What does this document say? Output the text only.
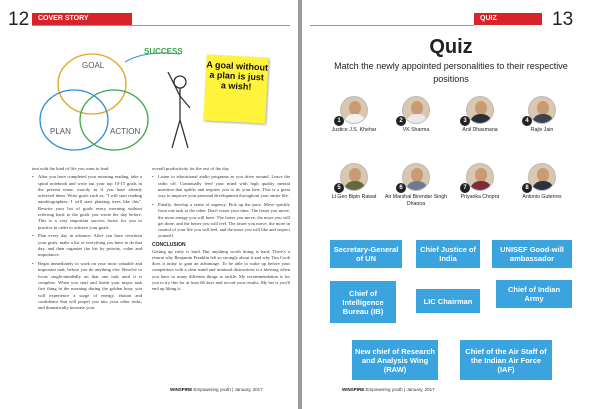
12	COVER STORY
GOAL
PLAN	ACTION
SUCCESS
A goal without a plan is just a wish!

tent with the kind of life you want to lead.

• After you have completed your morning reading, take a spiral notebook and write out your top 10-15 goals in the present tense, exactly as if you have already achieved them. Write goals such as, "I will start reading autobiographies; I will start planting trees like this". Rewrite your list of goals every morning without referring back to the goals you wrote the day before. This is a very important success factor for you to practice in order to achieve your goals.
• Plan every day in advance. After you have rewritten your goals, make a list of everything you have to do that day, and then organize the list by priority, value and importance.
• Begin immediately to work on your most valuable and important task, before you do anything else. Resolve to focus single-mindedly on that one task until it is complete. When you start and finish your major task first thing in the morning during the golden hour, you will experience a surge of energy, elation and confidence that will propel you into your other tasks, and dramatically increase your

overall productivity for the rest of the day.

• Listen to educational audio programs as you drive around. Leave the radio off. Continually feed your mind with high quality mental nutrition that uplifts and inspires you to do your best. This is a great way to improve your personal development throughout your entire life.
• Finally, develop a sense of urgency. Pick up the pace. Move quickly from one task to the other. Don't waste your time. The faster you move, the more energy you will have. The faster you move, the more you will get done, and the better you will feel. The faster you move, the more in control of your life you will feel, and the more you will like and respect yourself.
CONCLUSION

Getting up early is hard. But anything worth doing is hard. There's a reason why Benjamin Franklin felt so strongly about it and why Tim Cook does it today to gain an advantage. To be able to wake up before your competitors with a clear mind and minimal distractions is a blessing when you have so many different things to tackle. My recommendation is for you to try this for at least 66 days and record your results. My bet is you'll end up liking it.

WINSPIRE Empowering youth | January, 2017
QUIZ	13
Quiz
Match the newly appointed personalities to their respective positions
1
Justice J.S. Khehar
2
VK Sharma
3
Anil Dhasmana
4
Rajiv Jain
5
Lt Gen Bipin Rawat
6
Air Marshal Birender Singh Dhanoa
7
Priyanka Chopra
8
Antonio Guterres
Secretary-General of UN
Chief Justice of India
UNISEF Good-will ambassador
Chief of Intelligence Bureau (IB)
LIC Chairman
Chief of Indian Army
New chief of Research and Analysis Wing (RAW)
Chief of the Air Staff of the Indian Air Force (IAF)
WINSPIRE Empowering youth | January, 2017
